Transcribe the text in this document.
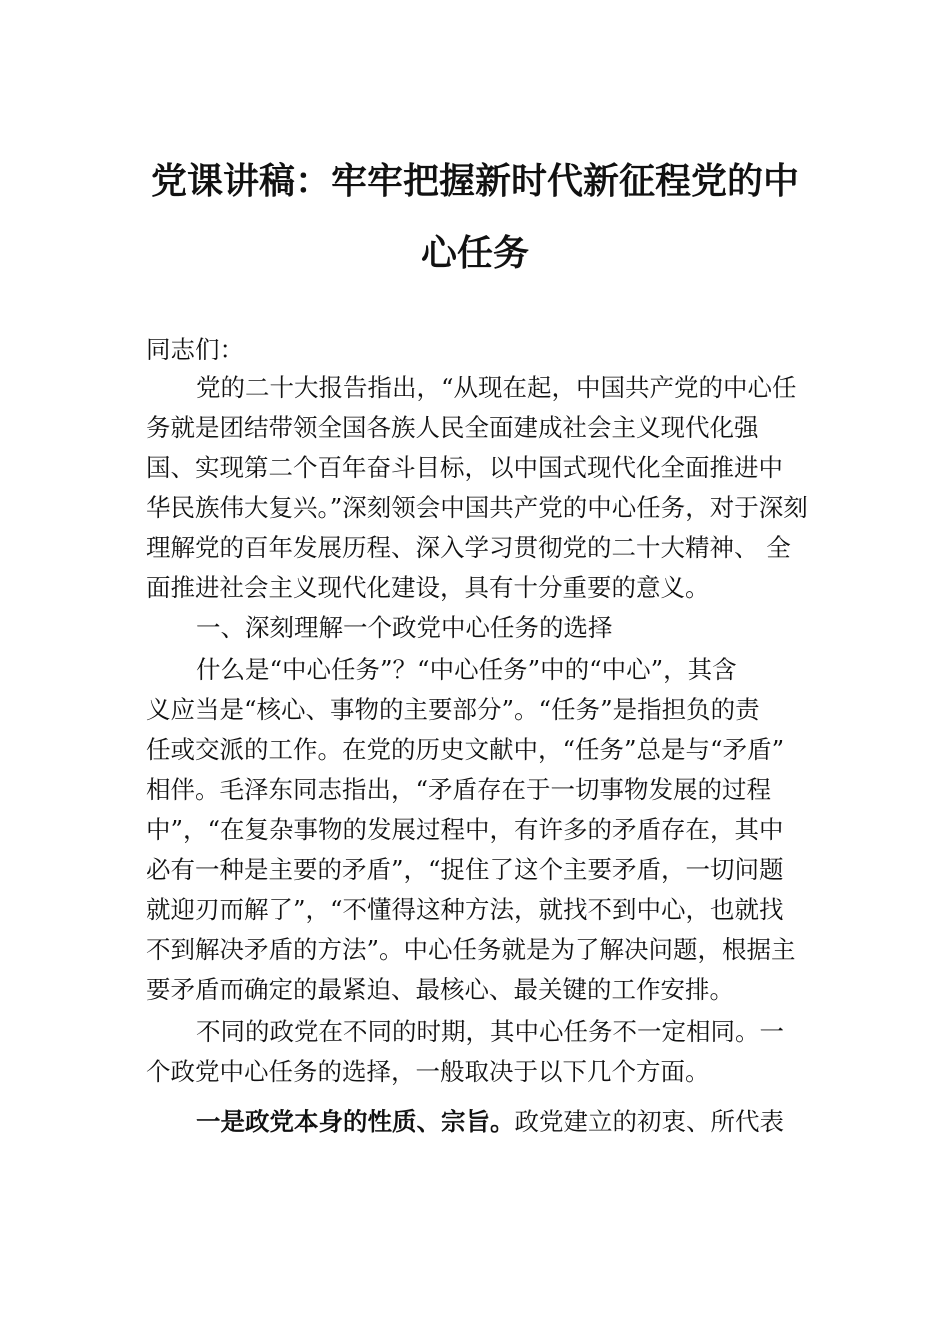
党课讲稿：牢牢把握新时代新征程党的中
心任务
同志们：
党的二十大报告指出，“从现在起，中国共产党的中心任
务就是团结带领全国各族人民全面建成社会主义现代化强
国、实现第二个百年奋斗目标，以中国式现代化全面推进中
华民族伟大复兴。”深刻领会中国共产党的中心任务，对于深刻
理解党的百年发展历程、深入学习贯彻党的二十大精神、 全
面推进社会主义现代化建设，具有十分重要的意义。
一、深刻理解一个政党中心任务的选择
什么是“中心任务”？“中心任务”中的“中心”，其含
义应当是“核心、事物的主要部分”。“任务”是指担负的责
任或交派的工作。在党的历史文献中，“任务”总是与“矛盾”
相伴。毛泽东同志指出，“矛盾存在于一切事物发展的过程
中”，“在复杂事物的发展过程中，有许多的矛盾存在，其中
必有一种是主要的矛盾”，“捉住了这个主要矛盾，一切问题
就迎刃而解了”，“不懂得这种方法，就找不到中心，也就找
不到解决矛盾的方法”。中心任务就是为了解决问题，根据主
要矛盾而确定的最紧迫、最核心、最关键的工作安排。
不同的政党在不同的时期，其中心任务不一定相同。一
个政党中心任务的选择，一般取决于以下几个方面。
一是政党本身的性质、宗旨。政党建立的初衷、所代表
